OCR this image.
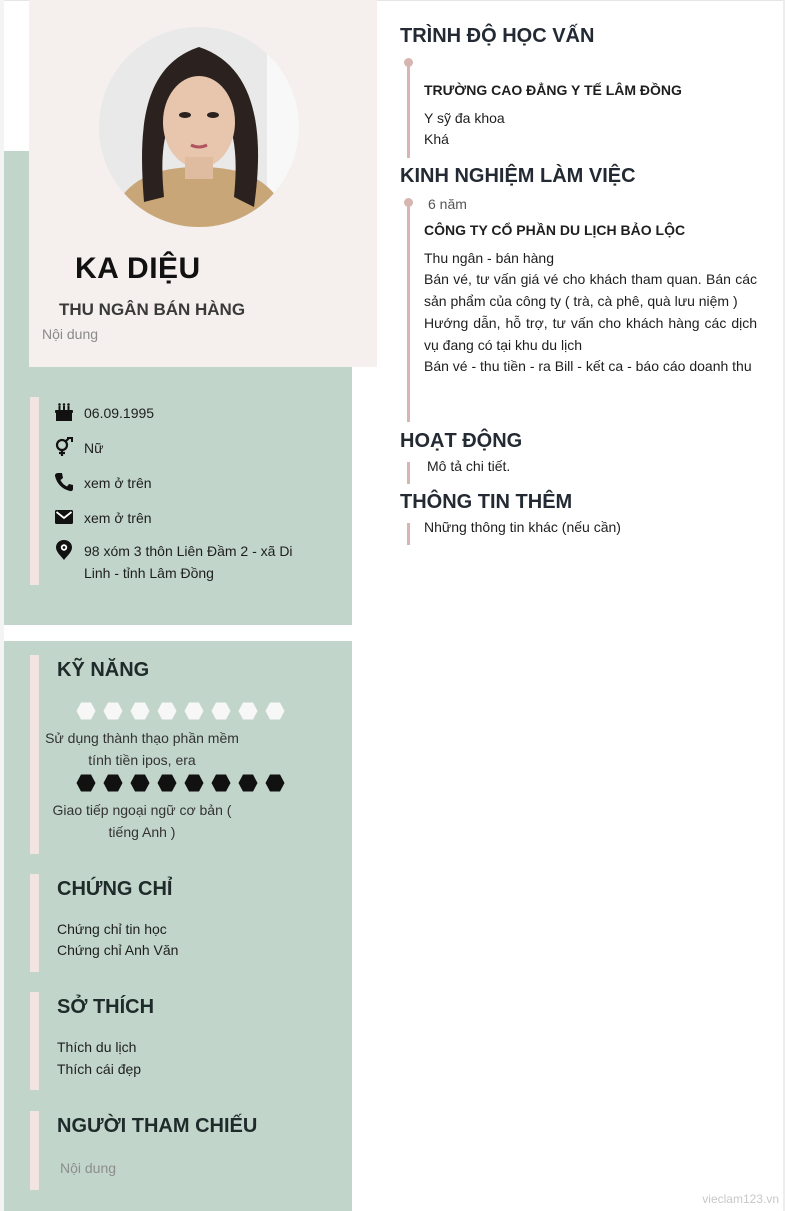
KA DIỆU
THU NGÂN BÁN HÀNG
Nội dung
06.09.1995
Nữ
xem ở trên
xem ở trên
98 xóm 3 thôn Liên Đầm 2 - xã Di Linh - tỉnh Lâm Đồng
KỸ NĂNG
Sử dụng thành thạo phần mềm tính tiền ipos, era
Giao tiếp ngoại ngữ cơ bản ( tiếng Anh )
CHỨNG CHỈ
Chứng chỉ tin học
Chứng chỉ Anh Văn
SỞ THÍCH
Thích du lịch
Thích cái đẹp
NGƯỜI THAM CHIẾU
Nội dung
TRÌNH ĐỘ HỌC VẤN
TRƯỜNG CAO ĐẲNG Y TẾ LÂM ĐỒNG
Y sỹ đa khoa
Khá
KINH NGHIỆM LÀM VIỆC
6 năm
CÔNG TY CỔ PHẦN DU LỊCH BẢO LỘC
Thu ngân - bán hàng
Bán vé, tư vấn giá vé cho khách tham quan. Bán các sản phẩm của công ty ( trà, cà phê, quà lưu niệm )
Hướng dẫn, hỗ trợ, tư vấn cho khách hàng các dịch vụ đang có tại khu du lịch
Bán vé - thu tiền - ra Bill - kết ca - báo cáo doanh thu
HOẠT ĐỘNG
Mô tả chi tiết.
THÔNG TIN THÊM
Những thông tin khác (nếu cần)
vieclam123.vn
